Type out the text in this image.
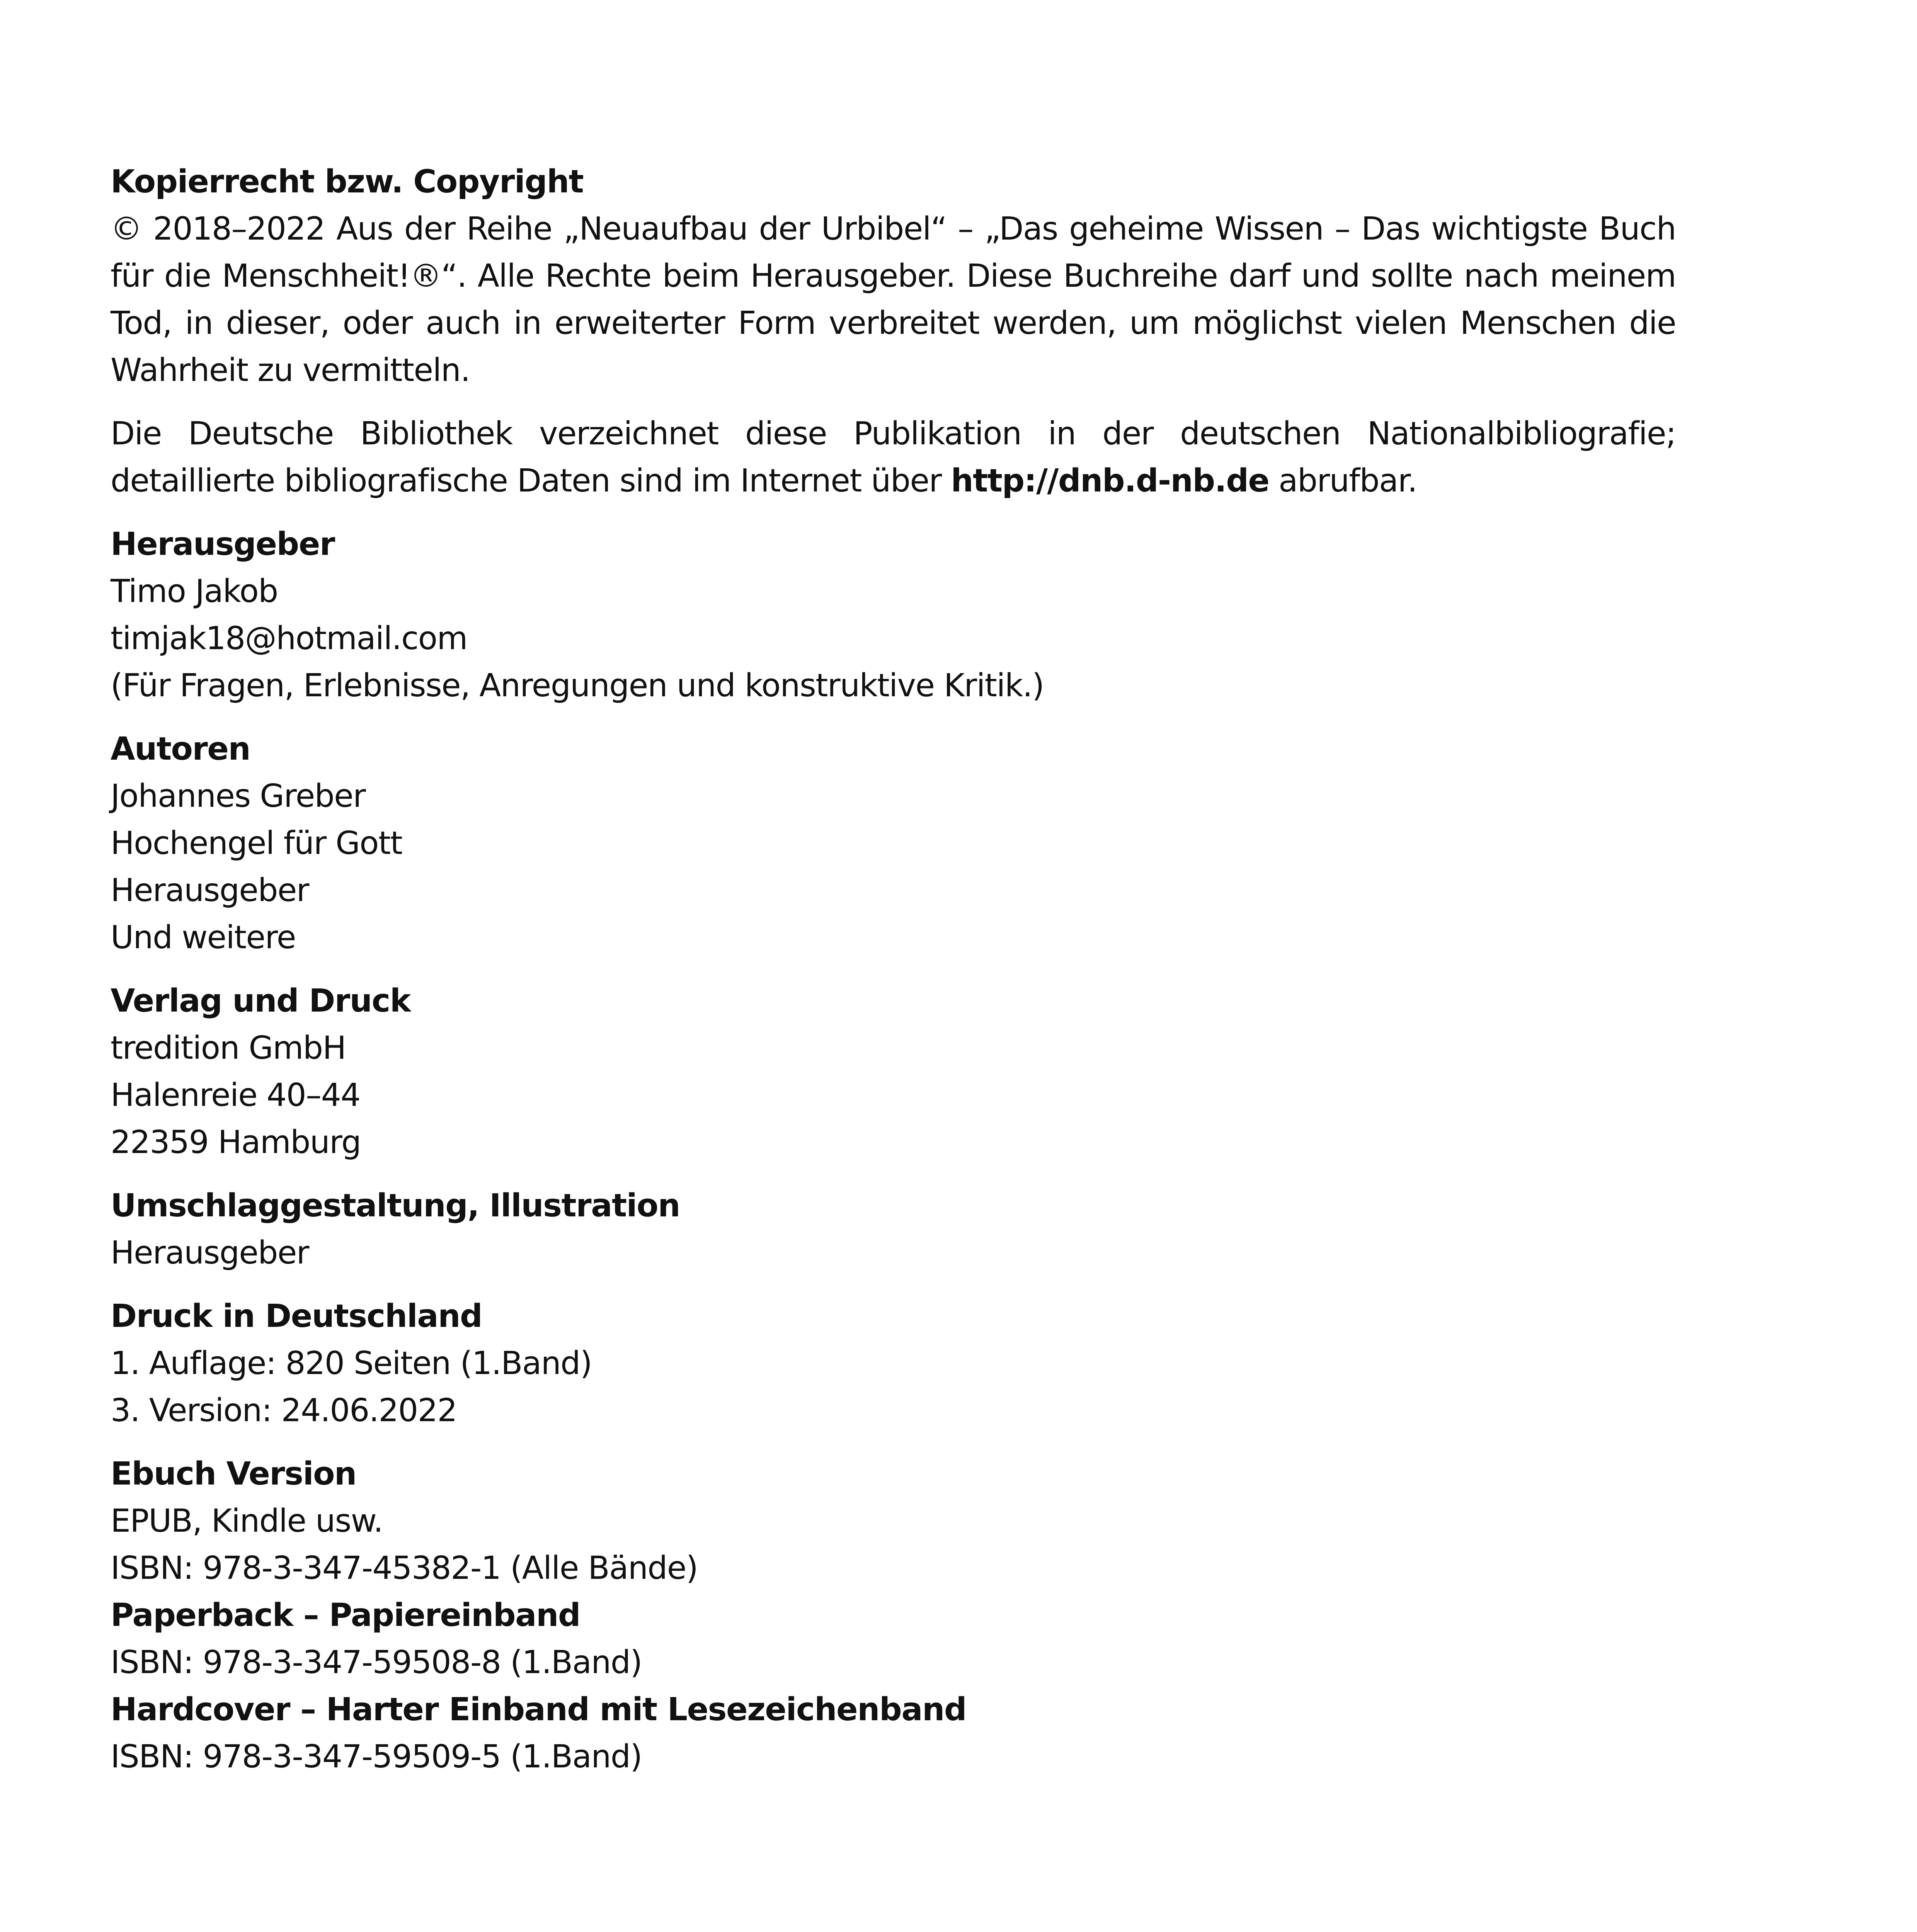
Kopierrecht bzw. Copyright

© 2018–2022 Aus der Reihe „Neuaufbau der Urbibel“ – „Das geheime Wissen – Das wichtigste Buch für die Menschheit!®“. Alle Rechte beim Herausgeber. Diese Buchreihe darf und sollte nach meinem Tod, in dieser, oder auch in erweiterter Form verbreitet werden, um möglichst vielen Menschen die Wahrheit zu vermitteln.

Die Deutsche Bibliothek verzeichnet diese Publikation in der deutschen Nationalbibliografie; detaillierte bibliografische Daten sind im Internet über http://dnb.d-nb.de abrufbar.

Herausgeber
Timo Jakob
timjak18@hotmail.com
(Für Fragen, Erlebnisse, Anregungen und konstruktive Kritik.)
Autoren
Johannes Greber
Hochengel für Gott
Herausgeber
Und weitere
Verlag und Druck
tredition GmbH
Halenreie 40–44
22359 Hamburg
Umschlaggestaltung, Illustration
Herausgeber
Druck in Deutschland
1. Auflage: 820 Seiten (1.Band)
3. Version: 24.06.2022
Ebuch Version
EPUB, Kindle usw.
ISBN: 978-3-347-45382-1 (Alle Bände)
Paperback – Papiereinband
ISBN: 978-3-347-59508-8 (1.Band)
Hardcover – Harter Einband mit Lesezeichenband
ISBN: 978-3-347-59509-5 (1.Band)
